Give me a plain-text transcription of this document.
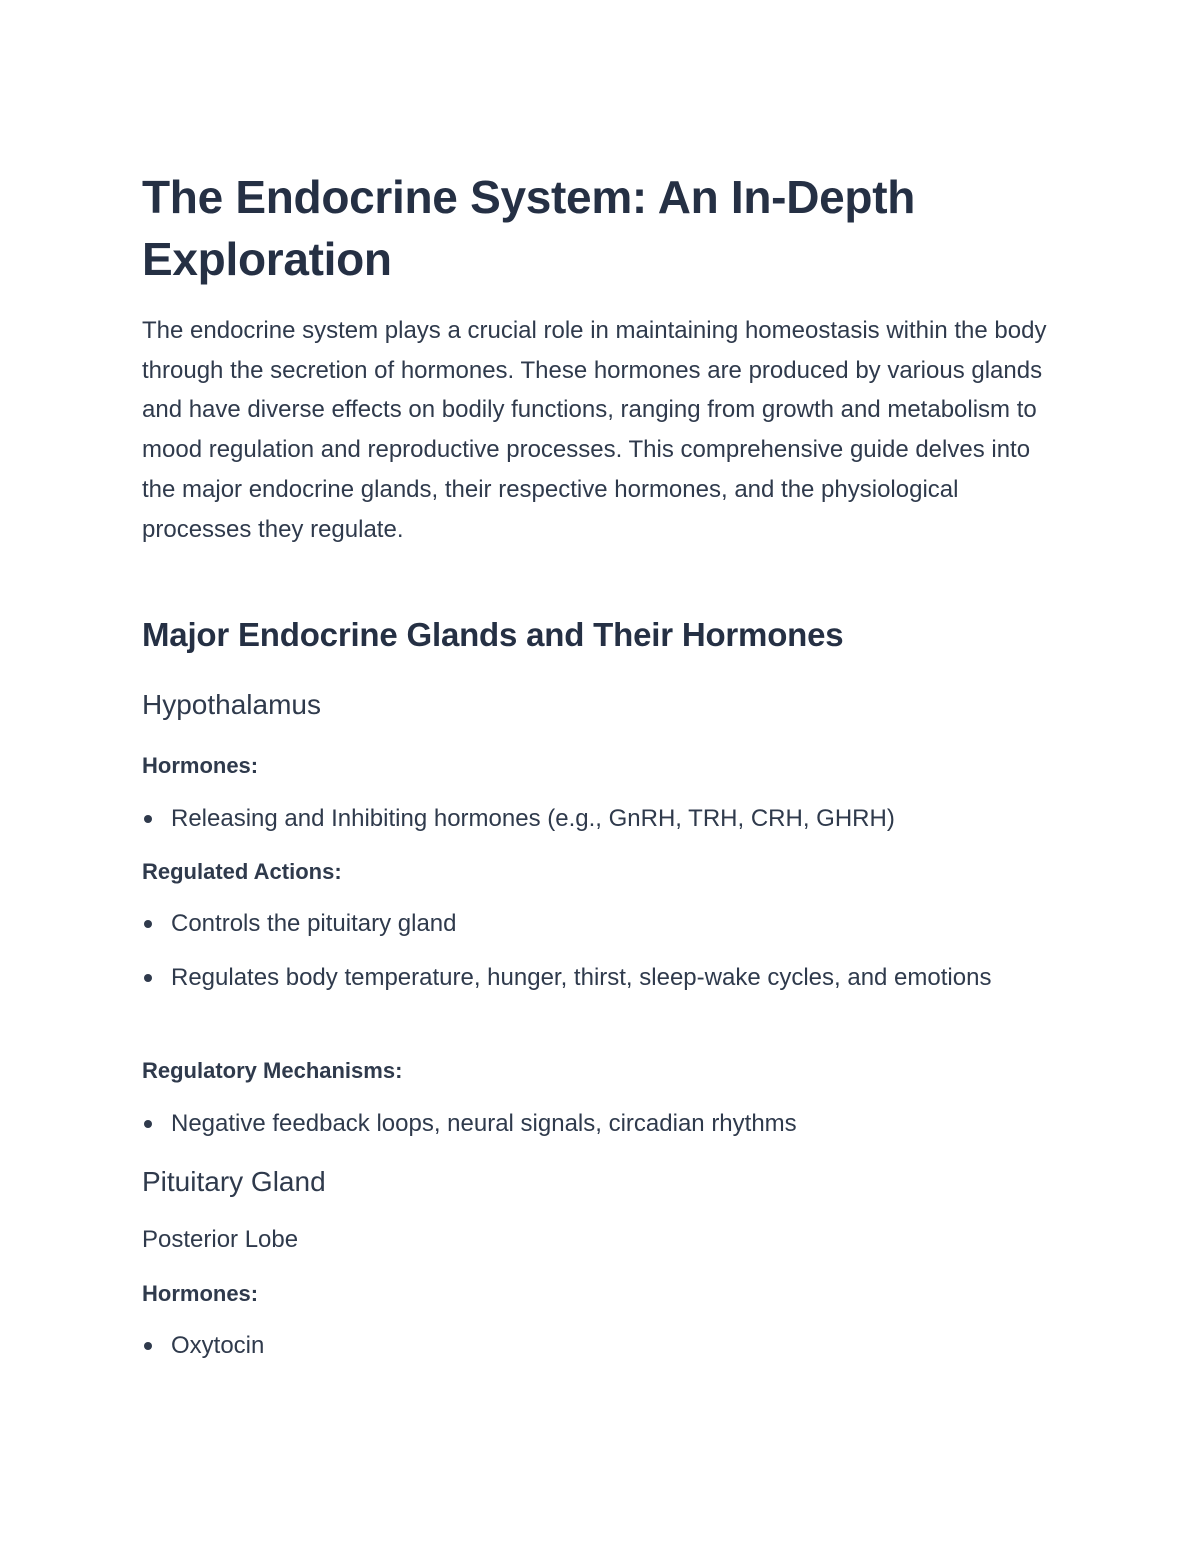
The Endocrine System: An In-Depth Exploration

The endocrine system plays a crucial role in maintaining homeostasis within the body through the secretion of hormones. These hormones are produced by various glands and have diverse effects on bodily functions, ranging from growth and metabolism to mood regulation and reproductive processes. This comprehensive guide delves into the major endocrine glands, their respective hormones, and the physiological processes they regulate.

Major Endocrine Glands and Their Hormones
Hypothalamus
Hormones:
Releasing and Inhibiting hormones (e.g., GnRH, TRH, CRH, GHRH)
Regulated Actions:
Controls the pituitary gland
Regulates body temperature, hunger, thirst, sleep-wake cycles, and emotions
Regulatory Mechanisms:
Negative feedback loops, neural signals, circadian rhythms
Pituitary Gland
Posterior Lobe
Hormones:
Oxytocin
